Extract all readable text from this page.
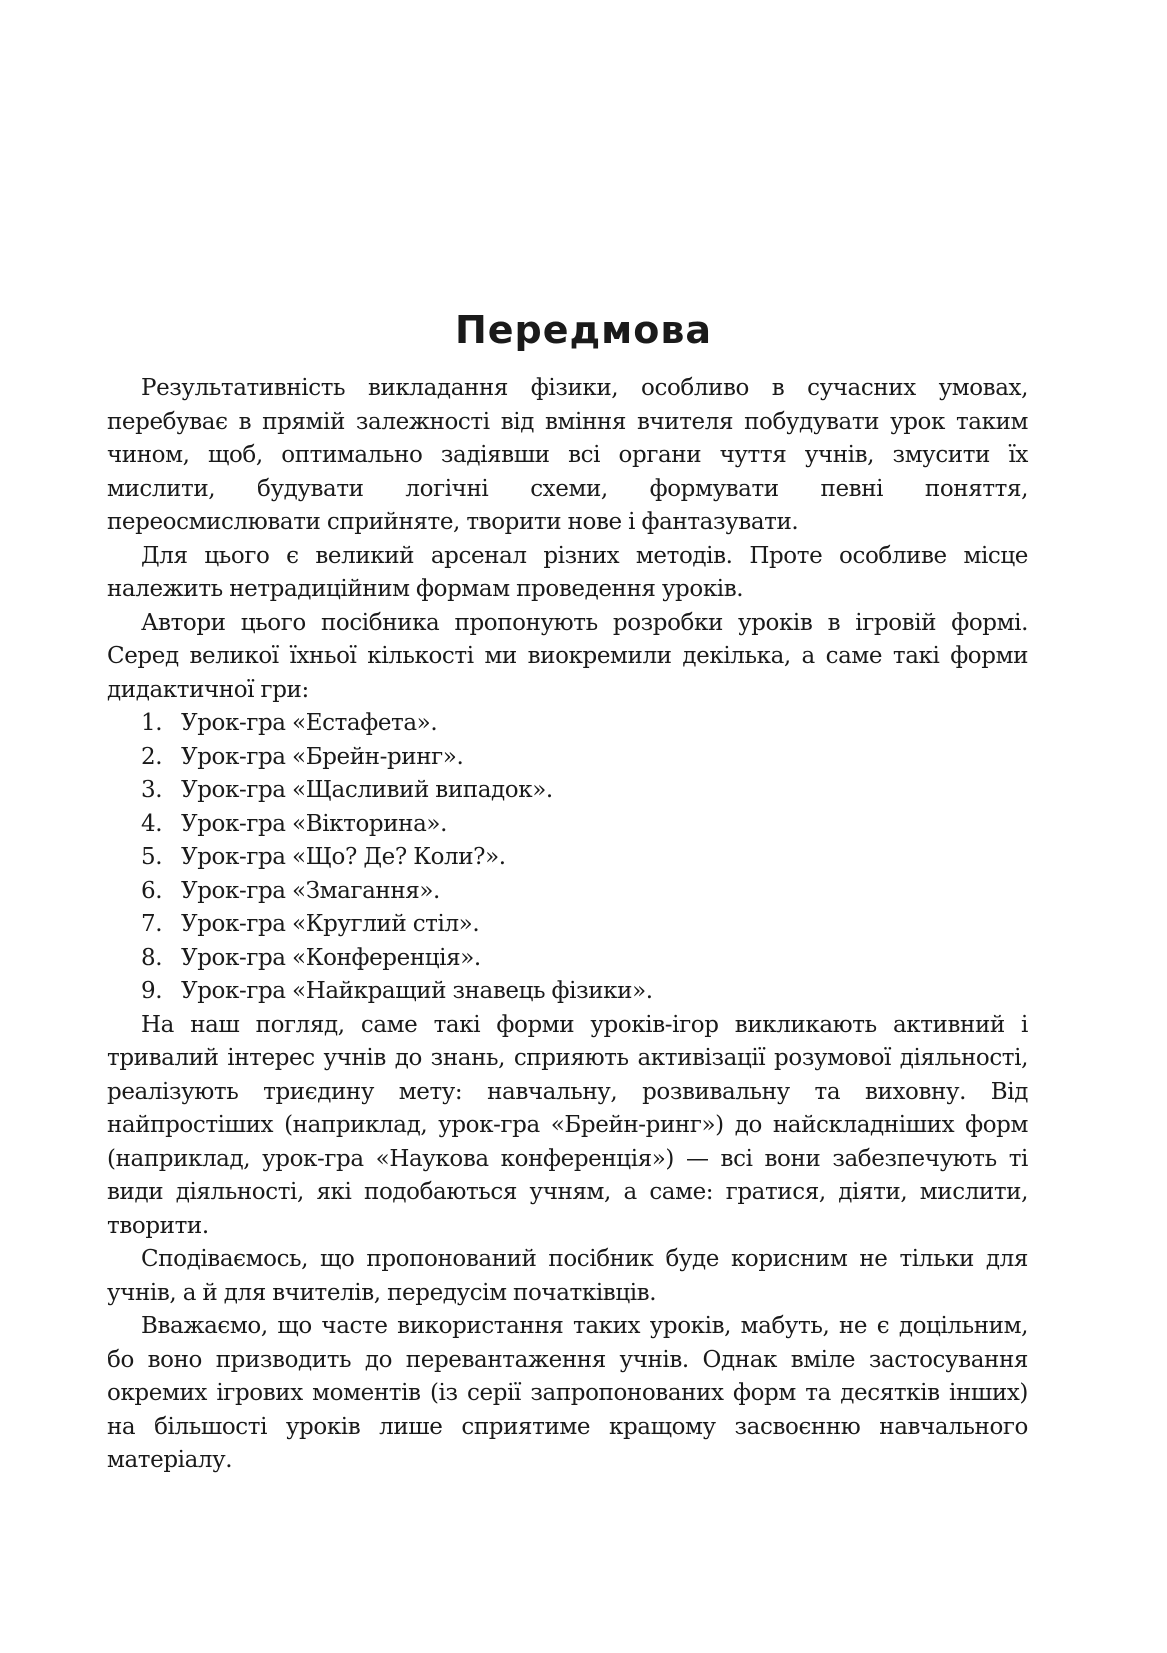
Передмова

Результативність викладання фізики, особливо в сучасних умовах, перебуває в прямій залежності від вміння вчителя побудувати урок таким чином, щоб, оптимально задіявши всі органи чуття учнів, змусити їх мислити, будувати логічні схеми, формувати певні поняття, переосмислювати сприйняте, творити нове і фантазувати.

Для цього є великий арсенал різних методів. Проте особливе місце належить нетрадиційним формам проведення уроків.

Автори цього посібника пропонують розробки уроків в ігровій формі. Серед великої їхньої кількості ми виокремили декілька, а саме такі форми дидактичної гри:

1. Урок-гра «Естафета».
2. Урок-гра «Брейн-ринг».
3. Урок-гра «Щасливий випадок».
4. Урок-гра «Вікторина».
5. Урок-гра «Що? Де? Коли?».
6. Урок-гра «Змагання».
7. Урок-гра «Круглий стіл».
8. Урок-гра «Конференція».
9. Урок-гра «Найкращий знавець фізики».

На наш погляд, саме такі форми уроків-ігор викликають активний і тривалий інтерес учнів до знань, сприяють активізації розумової діяльності, реалізують триєдину мету: навчальну, розвивальну та виховну. Від найпростіших (наприклад, урок-гра «Брейн-ринг») до найскладніших форм (наприклад, урок-гра «Наукова конференція») — всі вони забезпечують ті види діяльності, які подобаються учням, а саме: гратися, діяти, мислити, творити.

Сподіваємось, що пропонований посібник буде корисним не тільки для учнів, а й для вчителів, передусім початківців.

Вважаємо, що часте використання таких уроків, мабуть, не є доцільним, бо воно призводить до перевантаження учнів. Однак вміле застосування окремих ігрових моментів (із серії запропонованих форм та десятків інших) на більшості уроків лише сприятиме кращому засвоєнню навчального матеріалу.
